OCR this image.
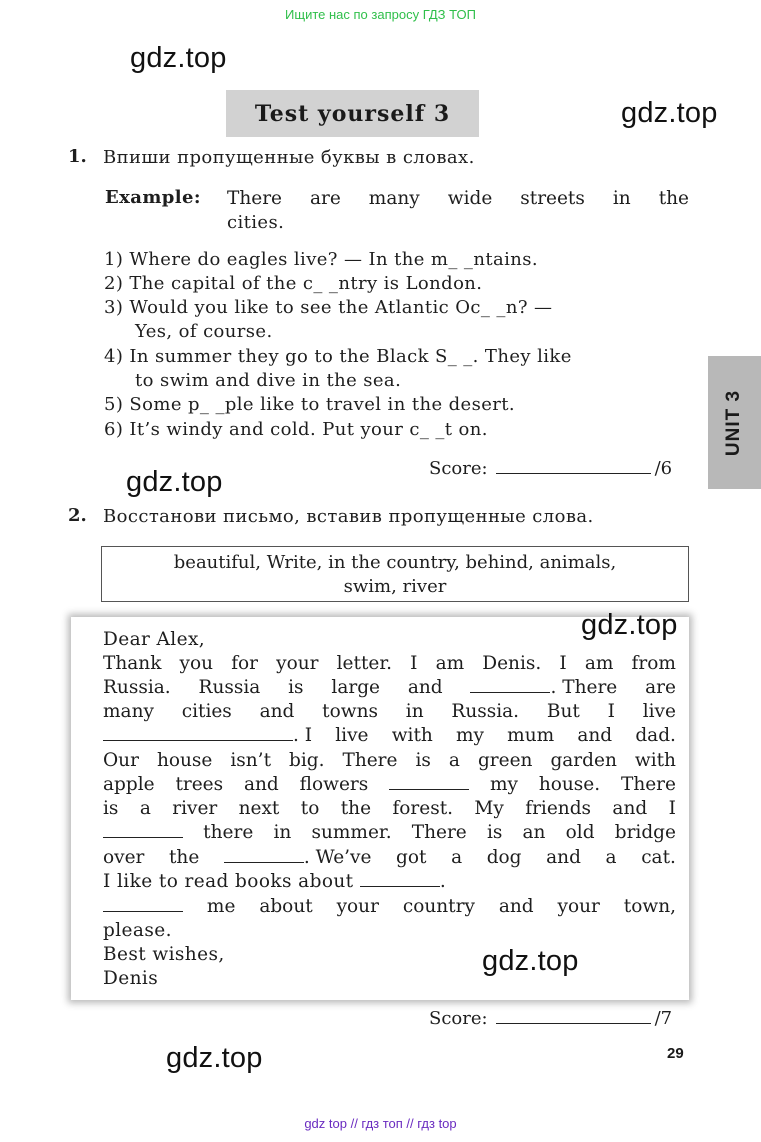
Ищите нас по запросу ГДЗ ТОП
gdz.top
gdz.top
gdz.top
gdz.top
gdz.top
gdz.top
Test yourself 3
UNIT 3
1. Впиши пропущенные буквы в словах.
Example: There are many wide streets in the
cities.
1) Where do eagles live? — In the m_ _ntains.
2) The capital of the c_ _ntry is London.
3) Would you like to see the Atlantic Oc_ _n? —
Yes, of course.
4) In summer they go to the Black S_ _. They like
to swim and dive in the sea.
5) Some p_ _ple like to travel in the desert.
6) It’s windy and cold. Put your c_ _t on.
Score:	/6
2. Восстанови письмо, вставив пропущенные слова.
beautiful, Write, in the country, behind, animals,
swim, river
Dear Alex,
Thank you for your letter. I am Denis. I am from
Russia. Russia is large and	. There are
many cities and towns in Russia. But I live
. I live with my mum and dad.
Our house isn’t big. There is a green garden with
apple trees and flowers	my house. There
is a river next to the forest. My friends and I
there in summer. There is an old bridge
over the	. We’ve got a dog and a cat.
I like to read books about	.
me about your country and your town,
please.
Best wishes,
Denis
Score:	/7
29
gdz top // гдз топ // гдз top
